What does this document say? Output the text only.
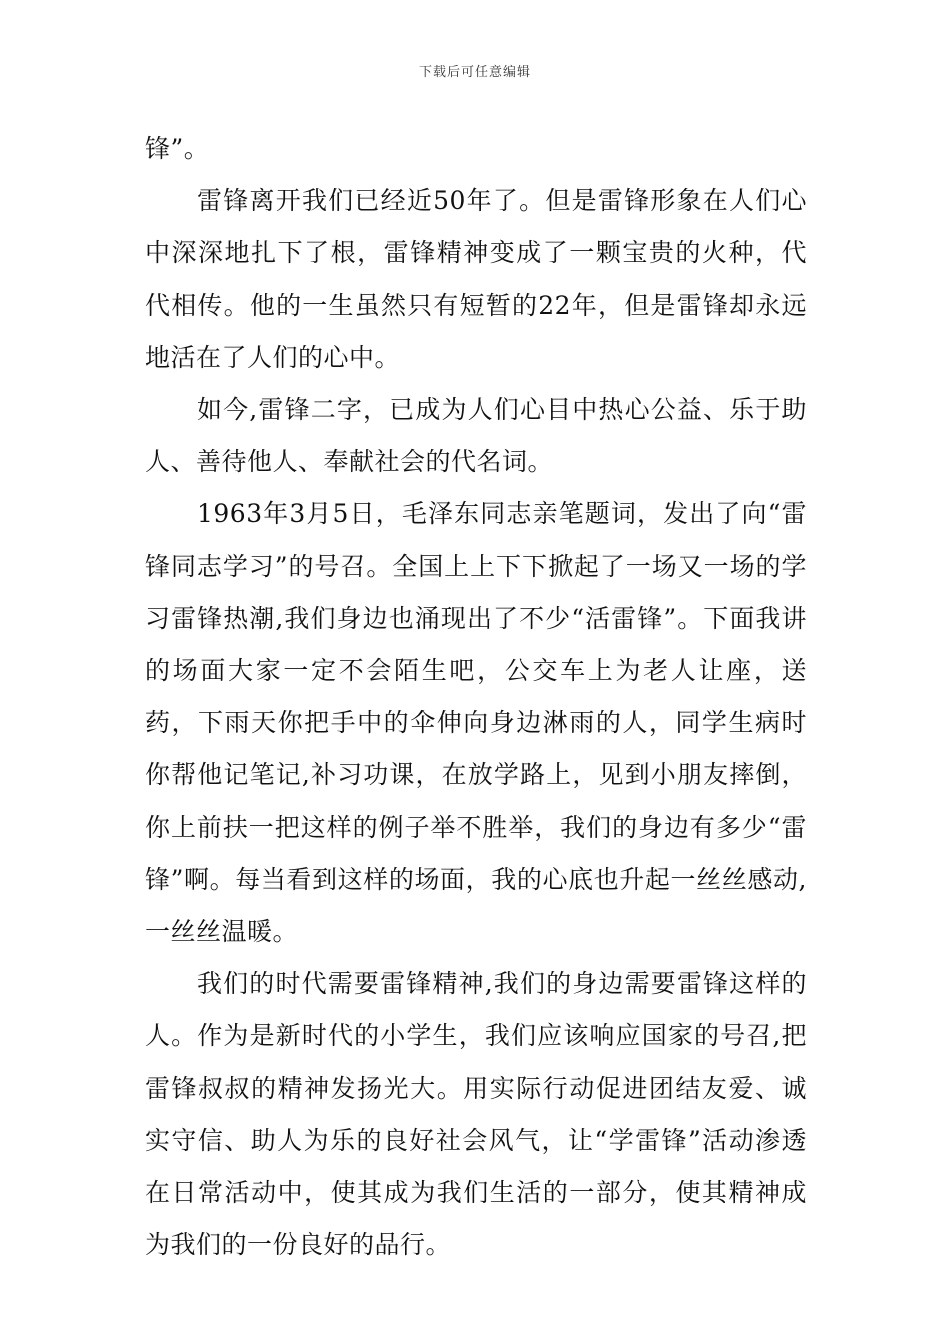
下载后可任意编辑

锋”。

雷锋离开我们已经近50年了。但是雷锋形象在人们心中深深地扎下了根，雷锋精神变成了一颗宝贵的火种，代代相传。他的一生虽然只有短暂的22年，但是雷锋却永远地活在了人们的心中。

如今,雷锋二字，已成为人们心目中热心公益、乐于助人、善待他人、奉献社会的代名词。

1963年3月5日，毛泽东同志亲笔题词，发出了向“雷锋同志学习”的号召。全国上上下下掀起了一场又一场的学习雷锋热潮,我们身边也涌现出了不少“活雷锋”。下面我讲的场面大家一定不会陌生吧，公交车上为老人让座，送药，下雨天你把手中的伞伸向身边淋雨的人，同学生病时你帮他记笔记,补习功课，在放学路上，见到小朋友摔倒，你上前扶一把这样的例子举不胜举，我们的身边有多少“雷锋”啊。每当看到这样的场面，我的心底也升起一丝丝感动,一丝丝温暖。

我们的时代需要雷锋精神,我们的身边需要雷锋这样的人。作为是新时代的小学生，我们应该响应国家的号召,把雷锋叔叔的精神发扬光大。用实际行动促进团结友爱、诚实守信、助人为乐的良好社会风气，让“学雷锋”活动渗透在日常活动中，使其成为我们生活的一部分，使其精神成为我们的一份良好的品行。
